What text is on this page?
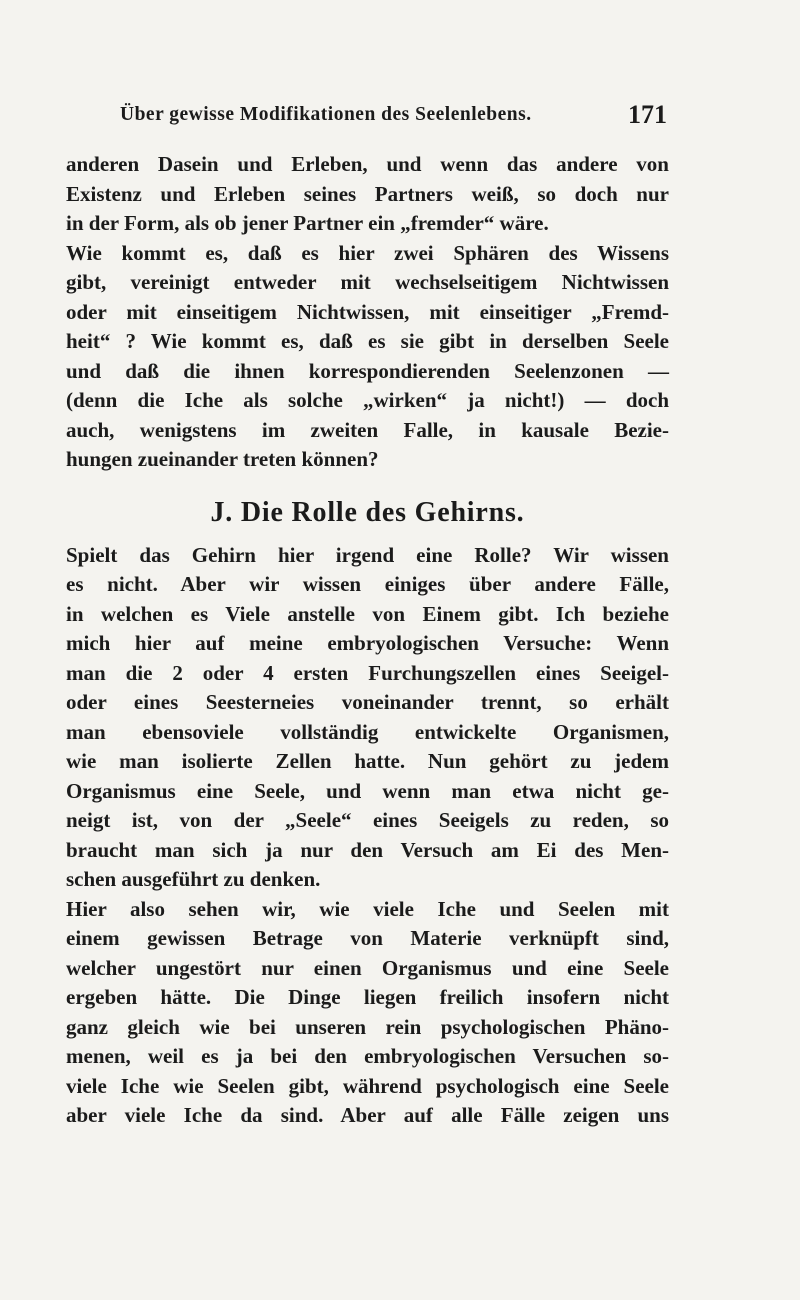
Über gewisse Modifikationen des Seelenlebens.	171
anderen Dasein und Erleben, und wenn das andere von
Existenz und Erleben seines Partners weiß, so doch nur
in der Form, als ob jener Partner ein „fremder“ wäre.
Wie kommt es, daß es hier zwei Sphären des Wissens
gibt, vereinigt entweder mit wechselseitigem Nichtwissen
oder mit einseitigem Nichtwissen, mit einseitiger „Fremd-
heit“ ? Wie kommt es, daß es sie gibt in derselben Seele
und daß die ihnen korrespondierenden Seelenzonen —
(denn die Iche als solche „wirken“ ja nicht!) — doch
auch, wenigstens im zweiten Falle, in kausale Bezie-
hungen zueinander treten können?
J. Die Rolle des Gehirns.
Spielt das Gehirn hier irgend eine Rolle? Wir wissen
es nicht. Aber wir wissen einiges über andere Fälle,
in welchen es Viele anstelle von Einem gibt. Ich beziehe
mich hier auf meine embryologischen Versuche: Wenn
man die 2 oder 4 ersten Furchungszellen eines Seeigel-
oder eines Seesterneies voneinander trennt, so erhält
man ebensoviele vollständig entwickelte Organismen,
wie man isolierte Zellen hatte. Nun gehört zu jedem
Organismus eine Seele, und wenn man etwa nicht ge-
neigt ist, von der „Seele“ eines Seeigels zu reden, so
braucht man sich ja nur den Versuch am Ei des Men-
schen ausgeführt zu denken.
Hier also sehen wir, wie viele Iche und Seelen mit
einem gewissen Betrage von Materie verknüpft sind,
welcher ungestört nur einen Organismus und eine Seele
ergeben hätte. Die Dinge liegen freilich insofern nicht
ganz gleich wie bei unseren rein psychologischen Phäno-
menen, weil es ja bei den embryologischen Versuchen so-
viele Iche wie Seelen gibt, während psychologisch eine Seele
aber viele Iche da sind. Aber auf alle Fälle zeigen uns
